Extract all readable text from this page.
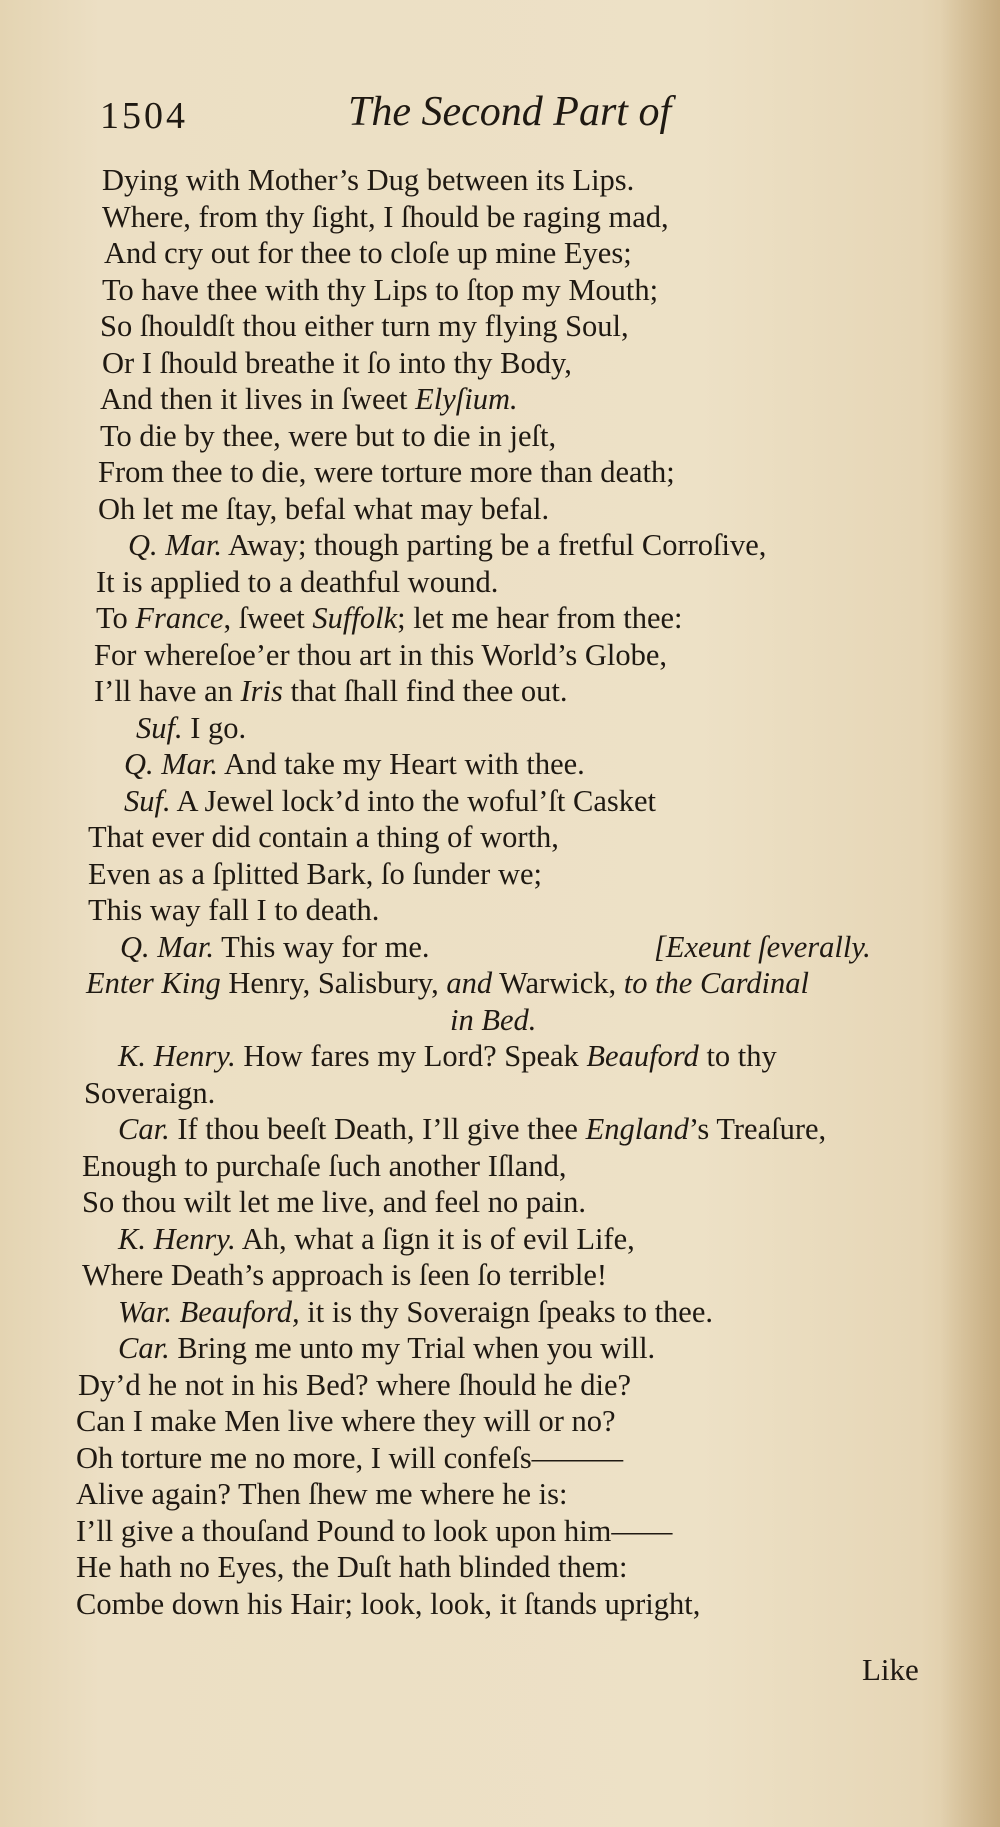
1504	The Second Part of
Dying with Mother’s Dug between its Lips.
Where, from thy ſight, I ſhould be raging mad,
And cry out for thee to cloſe up mine Eyes;
To have thee with thy Lips to ſtop my Mouth;
So ſhouldſt thou either turn my flying Soul,
Or I ſhould breathe it ſo into thy Body,
And then it lives in ſweet Elyſium.
To die by thee, were but to die in jeſt,
From thee to die, were torture more than death;
Oh let me ſtay, befal what may befal.
Q. Mar. Away; though parting be a fretful Corroſive,
It is applied to a deathful wound.
To France, ſweet Suffolk; let me hear from thee:
For whereſoe’er thou art in this World’s Globe,
I’ll have an Iris that ſhall find thee out.
Suf. I go.
Q. Mar. And take my Heart with thee.
Suf. A Jewel lock’d into the woful’ſt Casket
That ever did contain a thing of worth,
Even as a ſplitted Bark, ſo ſunder we;
This way fall I to death.
Q. Mar. This way for me.	[Exeunt ſeverally.
Enter King Henry, Salisbury, and Warwick, to the Cardinal
in Bed.
K. Henry. How fares my Lord? Speak Beauford to thy
Soveraign.
Car. If thou beeſt Death, I’ll give thee England’s Treaſure,
Enough to purchaſe ſuch another Iſland,
So thou wilt let me live, and feel no pain.
K. Henry. Ah, what a ſign it is of evil Life,
Where Death’s approach is ſeen ſo terrible!
War. Beauford, it is thy Soveraign ſpeaks to thee.
Car. Bring me unto my Trial when you will.
Dy’d he not in his Bed? where ſhould he die?
Can I make Men live where they will or no?
Oh torture me no more, I will confeſs———
Alive again? Then ſhew me where he is:
I’ll give a thouſand Pound to look upon him——
He hath no Eyes, the Duſt hath blinded them:
Combe down his Hair; look, look, it ſtands upright,
Like
